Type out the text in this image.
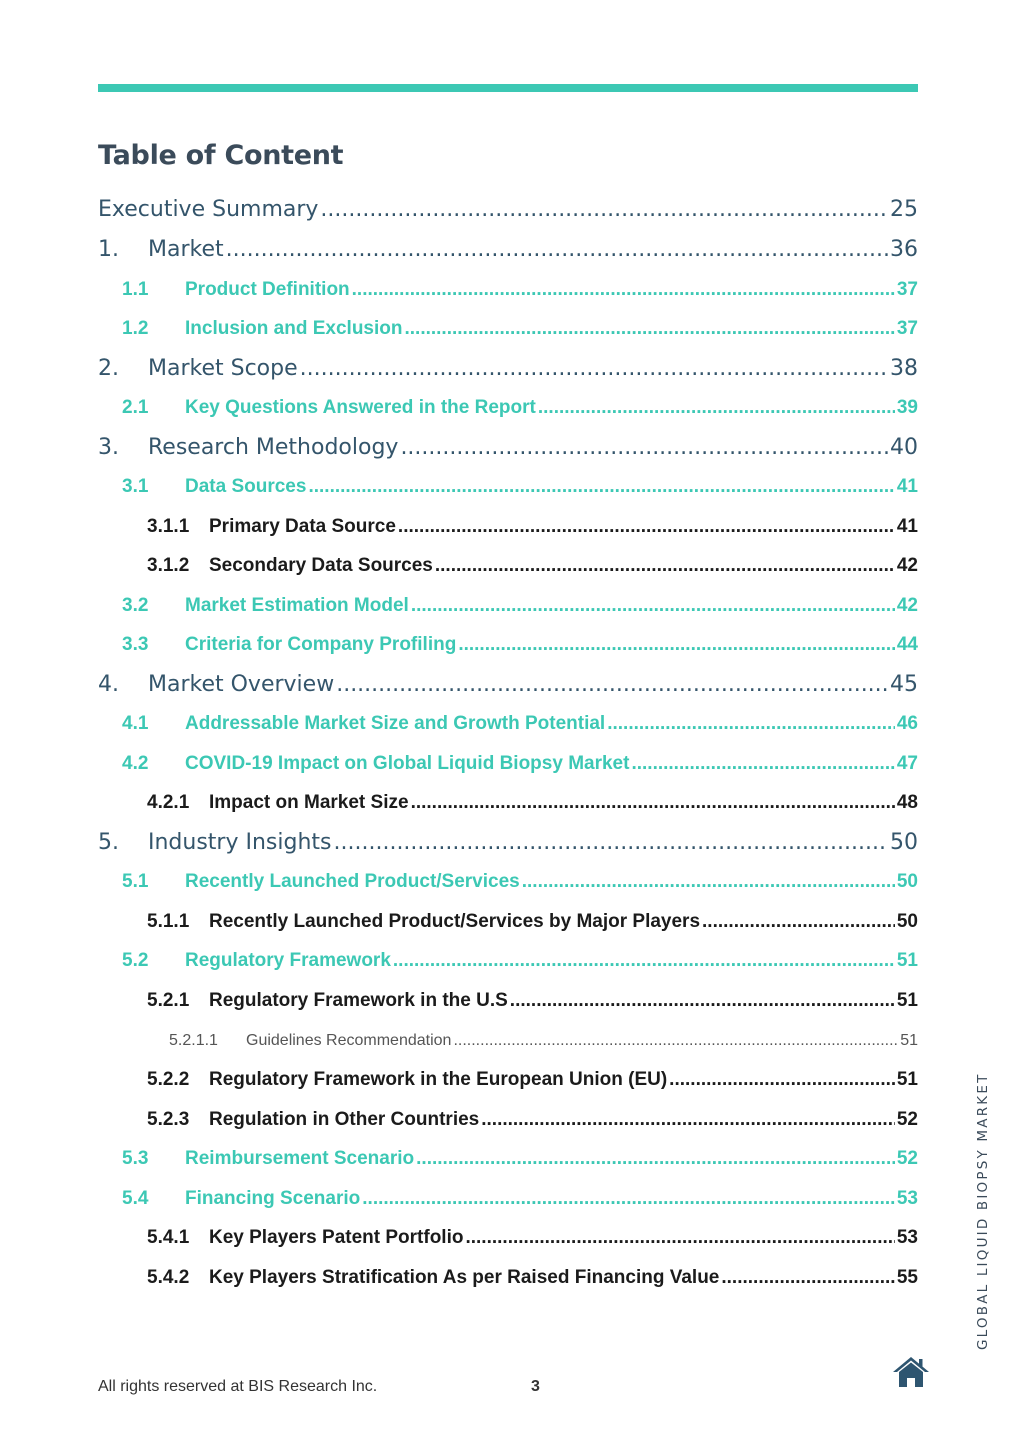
Table of Content
Executive Summary .....	25
1. Market .....	36
1.1 Product Definition .....	37
1.2 Inclusion and Exclusion .....	37
2. Market Scope .....	38
2.1 Key Questions Answered in the Report .....	39
3. Research Methodology .....	40
3.1 Data Sources .....	41
3.1.1 Primary Data Source .....	41
3.1.2 Secondary Data Sources .....	42
3.2 Market Estimation Model .....	42
3.3 Criteria for Company Profiling .....	44
4. Market Overview .....	45
4.1 Addressable Market Size and Growth Potential .....	46
4.2 COVID-19 Impact on Global Liquid Biopsy Market .....	47
4.2.1 Impact on Market Size .....	48
5. Industry Insights .....	50
5.1 Recently Launched Product/Services .....	50
5.1.1 Recently Launched Product/Services by Major Players .....	50
5.2 Regulatory Framework .....	51
5.2.1 Regulatory Framework in the U.S .....	51
5.2.1.1 Guidelines Recommendation .....	51
5.2.2 Regulatory Framework in the European Union (EU) .....	51
5.2.3 Regulation in Other Countries .....	52
5.3 Reimbursement Scenario .....	52
5.4 Financing Scenario .....	53
5.4.1 Key Players Patent Portfolio .....	53
5.4.2 Key Players Stratification As per Raised Financing Value .....	55	GLOBAL LIQUID BIOPSY MARKET
All rights reserved at BIS Research Inc.	3
